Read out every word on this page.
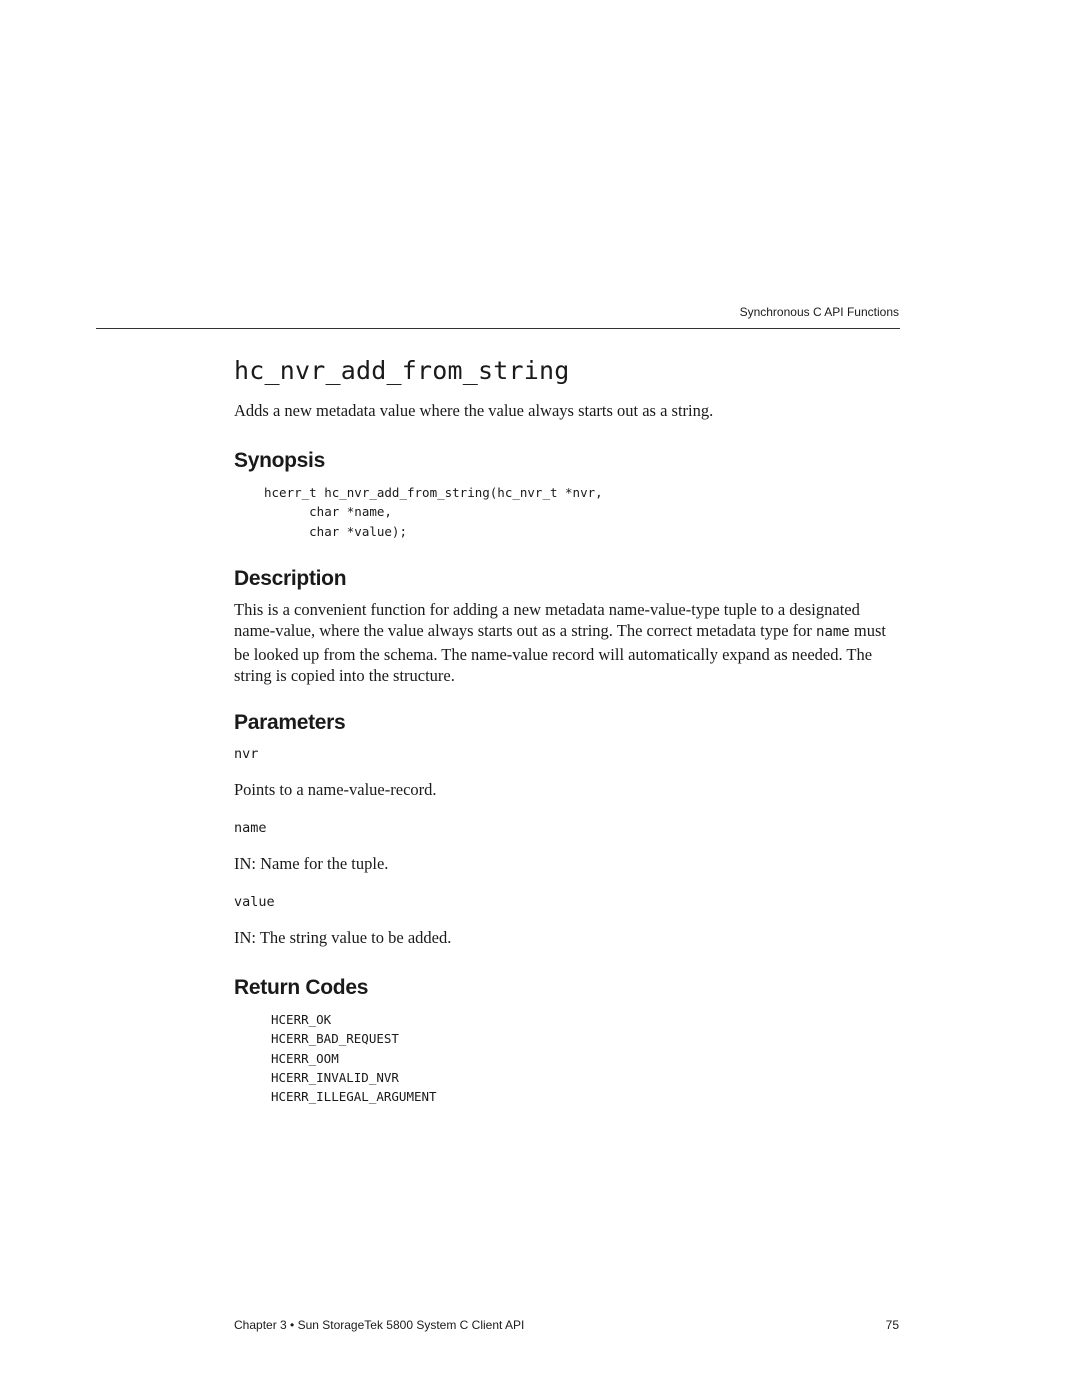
Synchronous C API Functions
hc_nvr_add_from_string

Adds a new metadata value where the value always starts out as a string.

Synopsis
hcerr_t hc_nvr_add_from_string(hc_nvr_t *nvr,
char *name,
char *value);
Description

This is a convenient function for adding a new metadata name-value-type tuple to a designated name-value, where the value always starts out as a string. The correct metadata type for name must be looked up from the schema. The name-value record will automatically expand as needed. The string is copied into the structure.

Parameters
nvr
Points to a name-value-record.
name
IN: Name for the tuple.
value
IN: The string value to be added.
Return Codes
HCERR_OK
HCERR_BAD_REQUEST
HCERR_OOM
HCERR_INVALID_NVR
HCERR_ILLEGAL_ARGUMENT
Chapter 3 • Sun StorageTek 5800 System C Client API	75
